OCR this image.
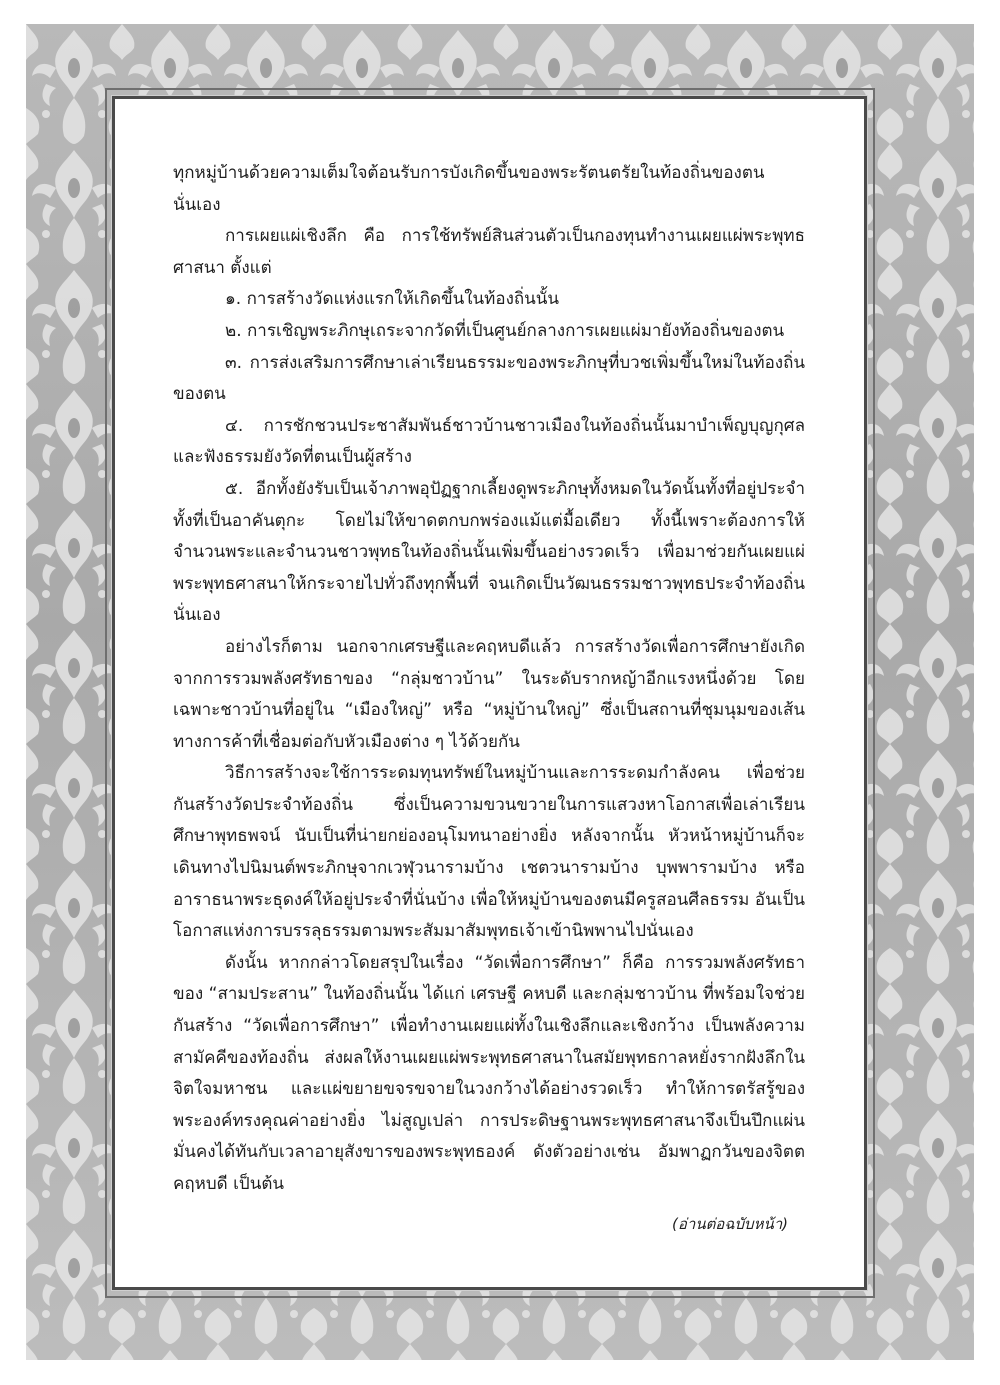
ทุกหมู่บ้านด้วยความเต็มใจต้อนรับการบังเกิดขึ้นของพระรัตนตรัยในท้องถิ่นของตนนั่นเอง

การเผยแผ่เชิงลึก คือ การใช้ทรัพย์สินส่วนตัวเป็นกองทุนทำงานเผยแผ่พระพุทธศาสนา ตั้งแต่

๑. การสร้างวัดแห่งแรกให้เกิดขึ้นในท้องถิ่นนั้น

๒. การเชิญพระภิกษุเถระจากวัดที่เป็นศูนย์กลางการเผยแผ่มายังท้องถิ่นของตน

๓. การส่งเสริมการศึกษาเล่าเรียนธรรมะของพระภิกษุที่บวชเพิ่มขึ้นใหม่ในท้องถิ่นของตน

๔. การชักชวนประชาสัมพันธ์ชาวบ้านชาวเมืองในท้องถิ่นนั้นมาบำเพ็ญบุญกุศลและฟังธรรมยังวัดที่ตนเป็นผู้สร้าง

๕. อีกทั้งยังรับเป็นเจ้าภาพอุปัฏฐากเลี้ยงดูพระภิกษุทั้งหมดในวัดนั้นทั้งที่อยู่ประจำทั้งที่เป็นอาคันตุกะ โดยไม่ให้ขาดตกบกพร่องแม้แต่มื้อเดียว ทั้งนี้เพราะต้องการให้จำนวนพระและจำนวนชาวพุทธในท้องถิ่นนั้นเพิ่มขึ้นอย่างรวดเร็ว เพื่อมาช่วยกันเผยแผ่พระพุทธศาสนาให้กระจายไปทั่วถึงทุกพื้นที่ จนเกิดเป็นวัฒนธรรมชาวพุทธประจำท้องถิ่นนั่นเอง

อย่างไรก็ตาม นอกจากเศรษฐีและคฤหบดีแล้ว การสร้างวัดเพื่อการศึกษายังเกิดจากการรวมพลังศรัทธาของ “กลุ่มชาวบ้าน” ในระดับรากหญ้าอีกแรงหนึ่งด้วย โดยเฉพาะชาวบ้านที่อยู่ใน “เมืองใหญ่” หรือ “หมู่บ้านใหญ่” ซึ่งเป็นสถานที่ชุมนุมของเส้นทางการค้าที่เชื่อมต่อกับหัวเมืองต่าง ๆ ไว้ด้วยกัน

วิธีการสร้างจะใช้การระดมทุนทรัพย์ในหมู่บ้านและการระดมกำลังคน เพื่อช่วยกันสร้างวัดประจำท้องถิ่น ซึ่งเป็นความขวนขวายในการแสวงหาโอกาสเพื่อเล่าเรียนศึกษาพุทธพจน์ นับเป็นที่น่ายกย่องอนุโมทนาอย่างยิ่ง หลังจากนั้น หัวหน้าหมู่บ้านก็จะเดินทางไปนิมนต์พระภิกษุจากเวฬุวนารามบ้าง เชตวนารามบ้าง บุพพารามบ้าง หรืออาราธนาพระธุดงค์ให้อยู่ประจำที่นั่นบ้าง เพื่อให้หมู่บ้านของตนมีครูสอนศีลธรรม อันเป็นโอกาสแห่งการบรรลุธรรมตามพระสัมมาสัมพุทธเจ้าเข้านิพพานไปนั่นเอง

ดังนั้น หากกล่าวโดยสรุปในเรื่อง “วัดเพื่อการศึกษา” ก็คือ การรวมพลังศรัทธาของ “สามประสาน” ในท้องถิ่นนั้น ได้แก่ เศรษฐี คหบดี และกลุ่มชาวบ้าน ที่พร้อมใจช่วยกันสร้าง “วัดเพื่อการศึกษา” เพื่อทำงานเผยแผ่ทั้งในเชิงลึกและเชิงกว้าง เป็นพลังความสามัคคีของท้องถิ่น ส่งผลให้งานเผยแผ่พระพุทธศาสนาในสมัยพุทธกาลหยั่งรากฝังลึกในจิตใจมหาชน และแผ่ขยายขจรขจายในวงกว้างได้อย่างรวดเร็ว ทำให้การตรัสรู้ของพระองค์ทรงคุณค่าอย่างยิ่ง ไม่สูญเปล่า การประดิษฐานพระพุทธศาสนาจึงเป็นปึกแผ่นมั่นคงได้ทันกับเวลาอายุสังขารของพระพุทธองค์ ดังตัวอย่างเช่น อัมพาฏกวันของจิตตคฤหบดี เป็นต้น

(อ่านต่อฉบับหน้า)
